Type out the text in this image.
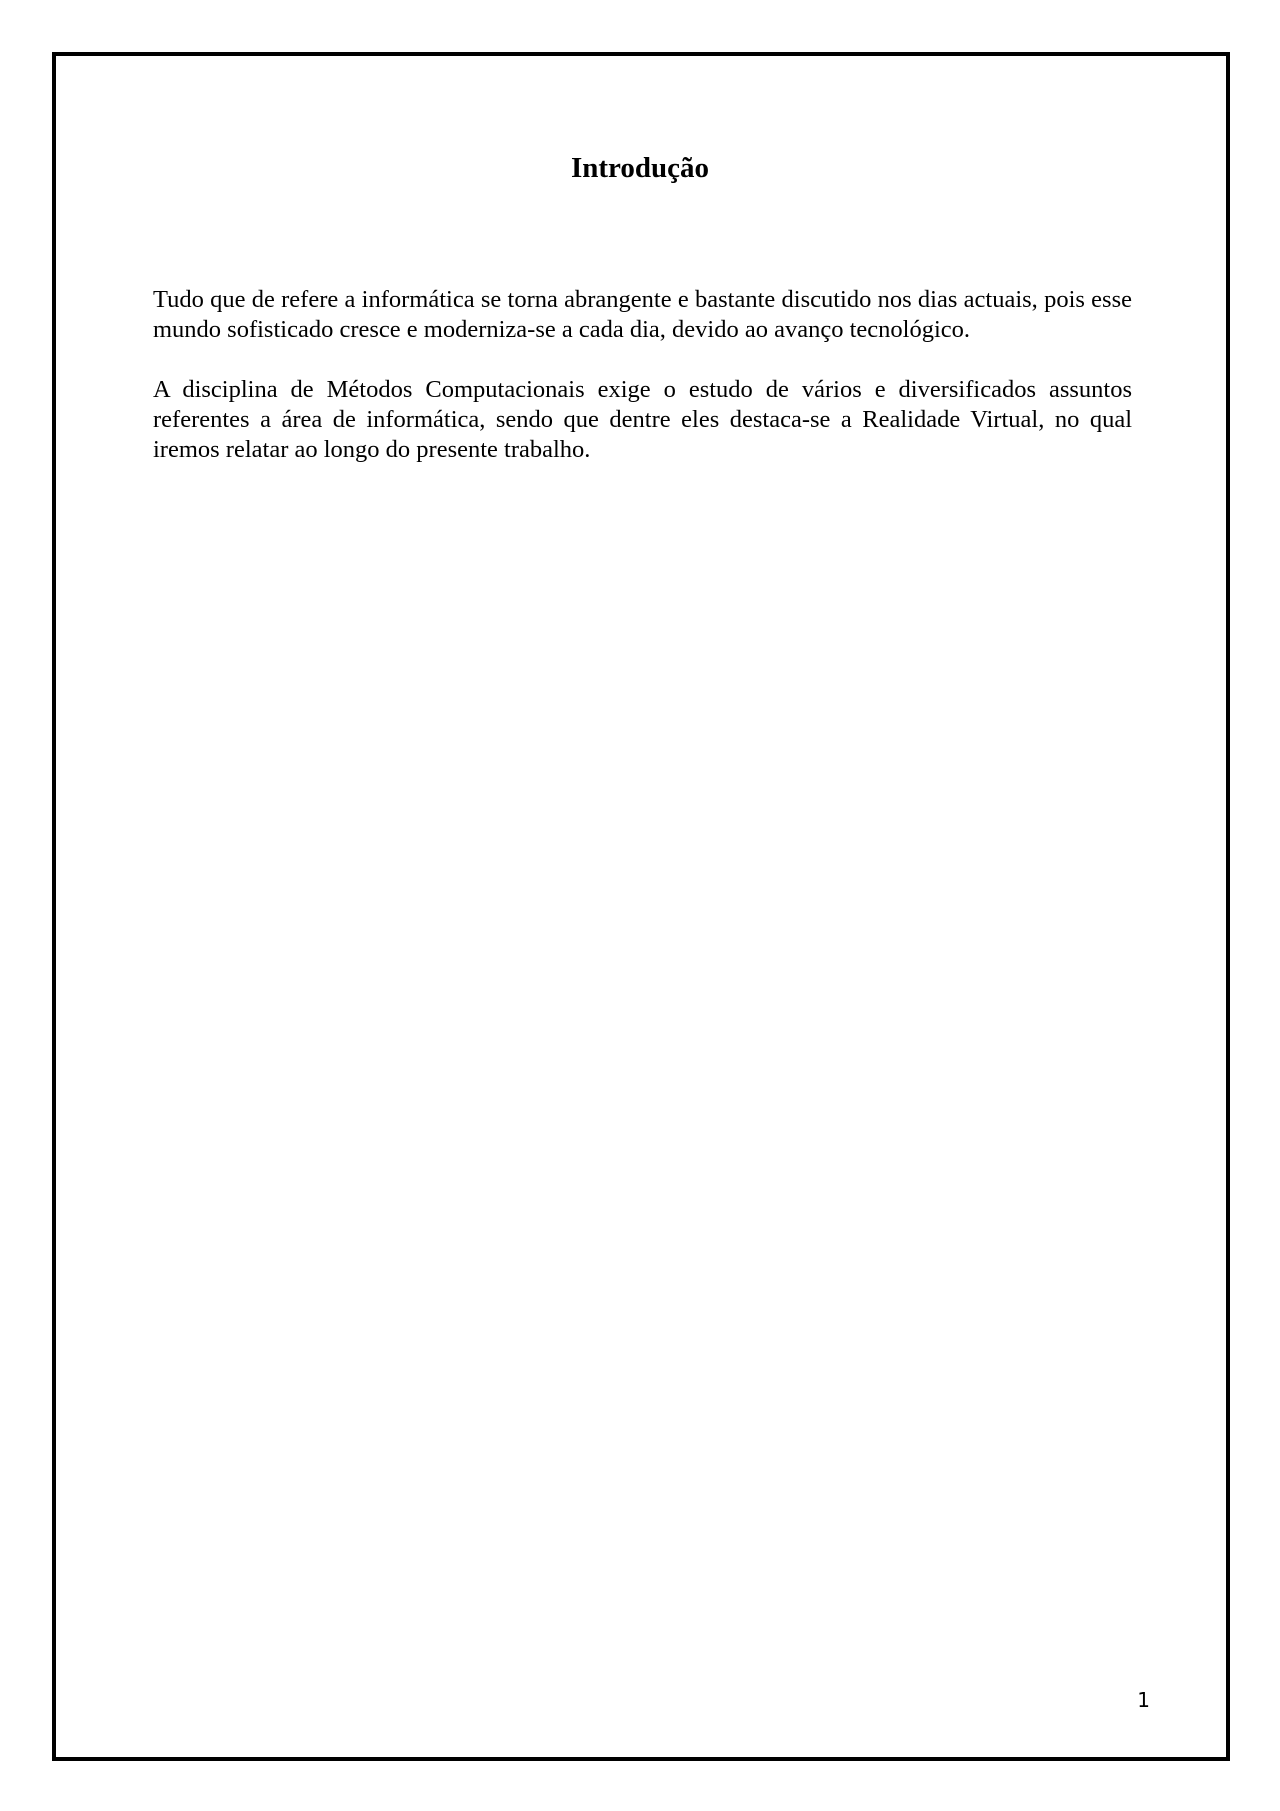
Introdução

Tudo que de refere a informática se torna abrangente e bastante discutido nos dias actuais, pois esse mundo sofisticado cresce e moderniza-se a cada dia, devido ao avanço tecnológico.

A disciplina de Métodos Computacionais exige o estudo de vários e diversificados assuntos referentes a área de informática, sendo que dentre eles destaca-se a Realidade Virtual, no qual iremos relatar ao longo do presente trabalho.

1
